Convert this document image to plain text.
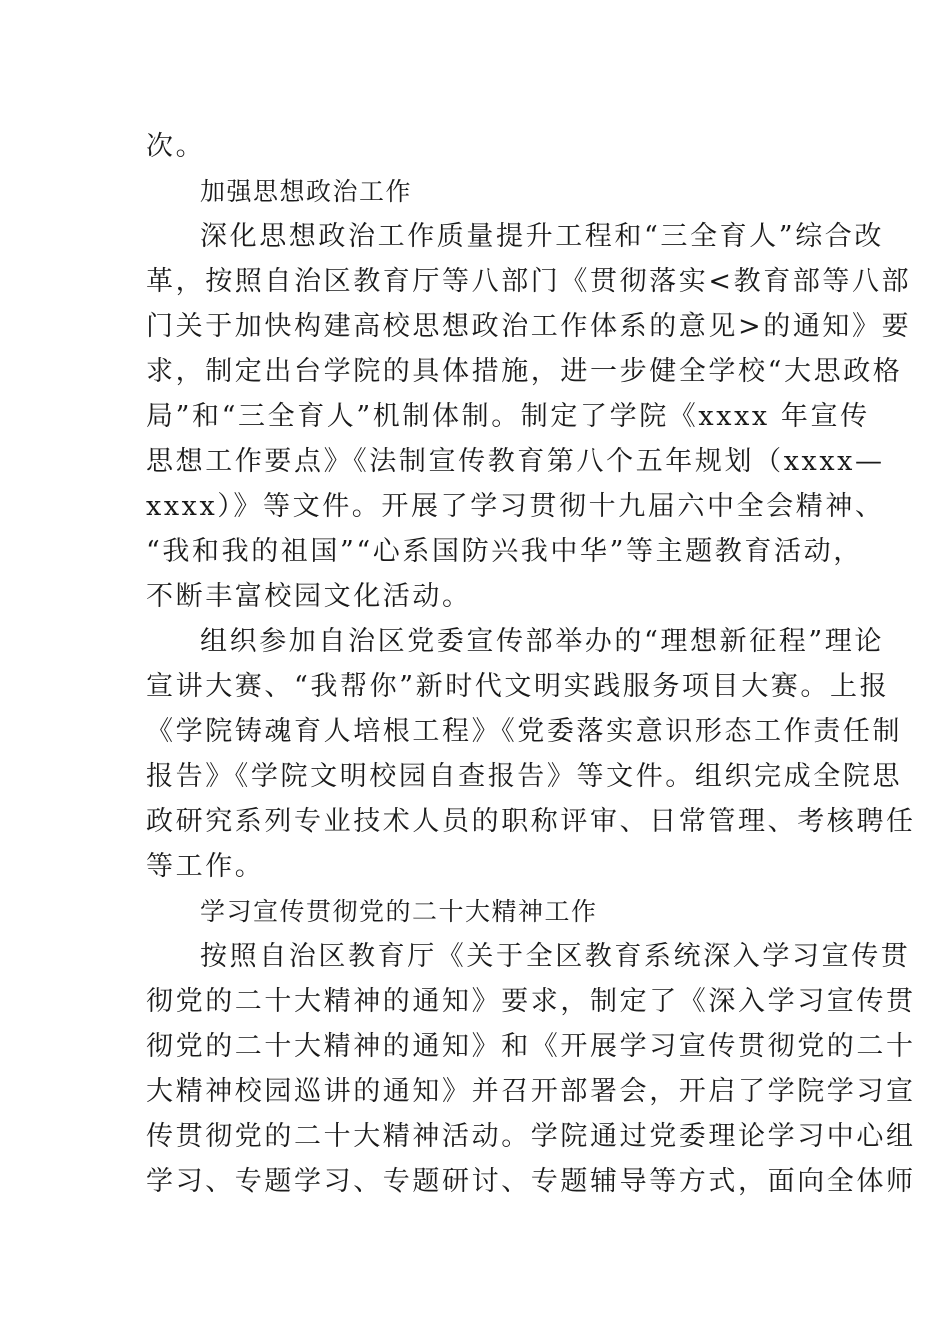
次。
加强思想政治工作
深化思想政治工作质量提升工程和“三全育人”综合改
革，按照自治区教育厅等八部门《贯彻落实<教育部等八部
门关于加快构建高校思想政治工作体系的意见>的通知》要
求，制定出台学院的具体措施，进一步健全学校“大思政格
局”和“三全育人”机制体制。制定了学院《xxxx 年宣传
思想工作要点》《法制宣传教育第八个五年规划（xxxx—
xxxx）》等文件。开展了学习贯彻十九届六中全会精神、
“我和我的祖国”“心系国防兴我中华”等主题教育活动，
不断丰富校园文化活动。
组织参加自治区党委宣传部举办的“理想新征程”理论
宣讲大赛、“我帮你”新时代文明实践服务项目大赛。上报
《学院铸魂育人培根工程》《党委落实意识形态工作责任制
报告》《学院文明校园自查报告》等文件。组织完成全院思
政研究系列专业技术人员的职称评审、日常管理、考核聘任
等工作。
学习宣传贯彻党的二十大精神工作
按照自治区教育厅《关于全区教育系统深入学习宣传贯
彻党的二十大精神的通知》要求，制定了《深入学习宣传贯
彻党的二十大精神的通知》和《开展学习宣传贯彻党的二十
大精神校园巡讲的通知》并召开部署会，开启了学院学习宣
传贯彻党的二十大精神活动。学院通过党委理论学习中心组
学习、专题学习、专题研讨、专题辅导等方式，面向全体师
